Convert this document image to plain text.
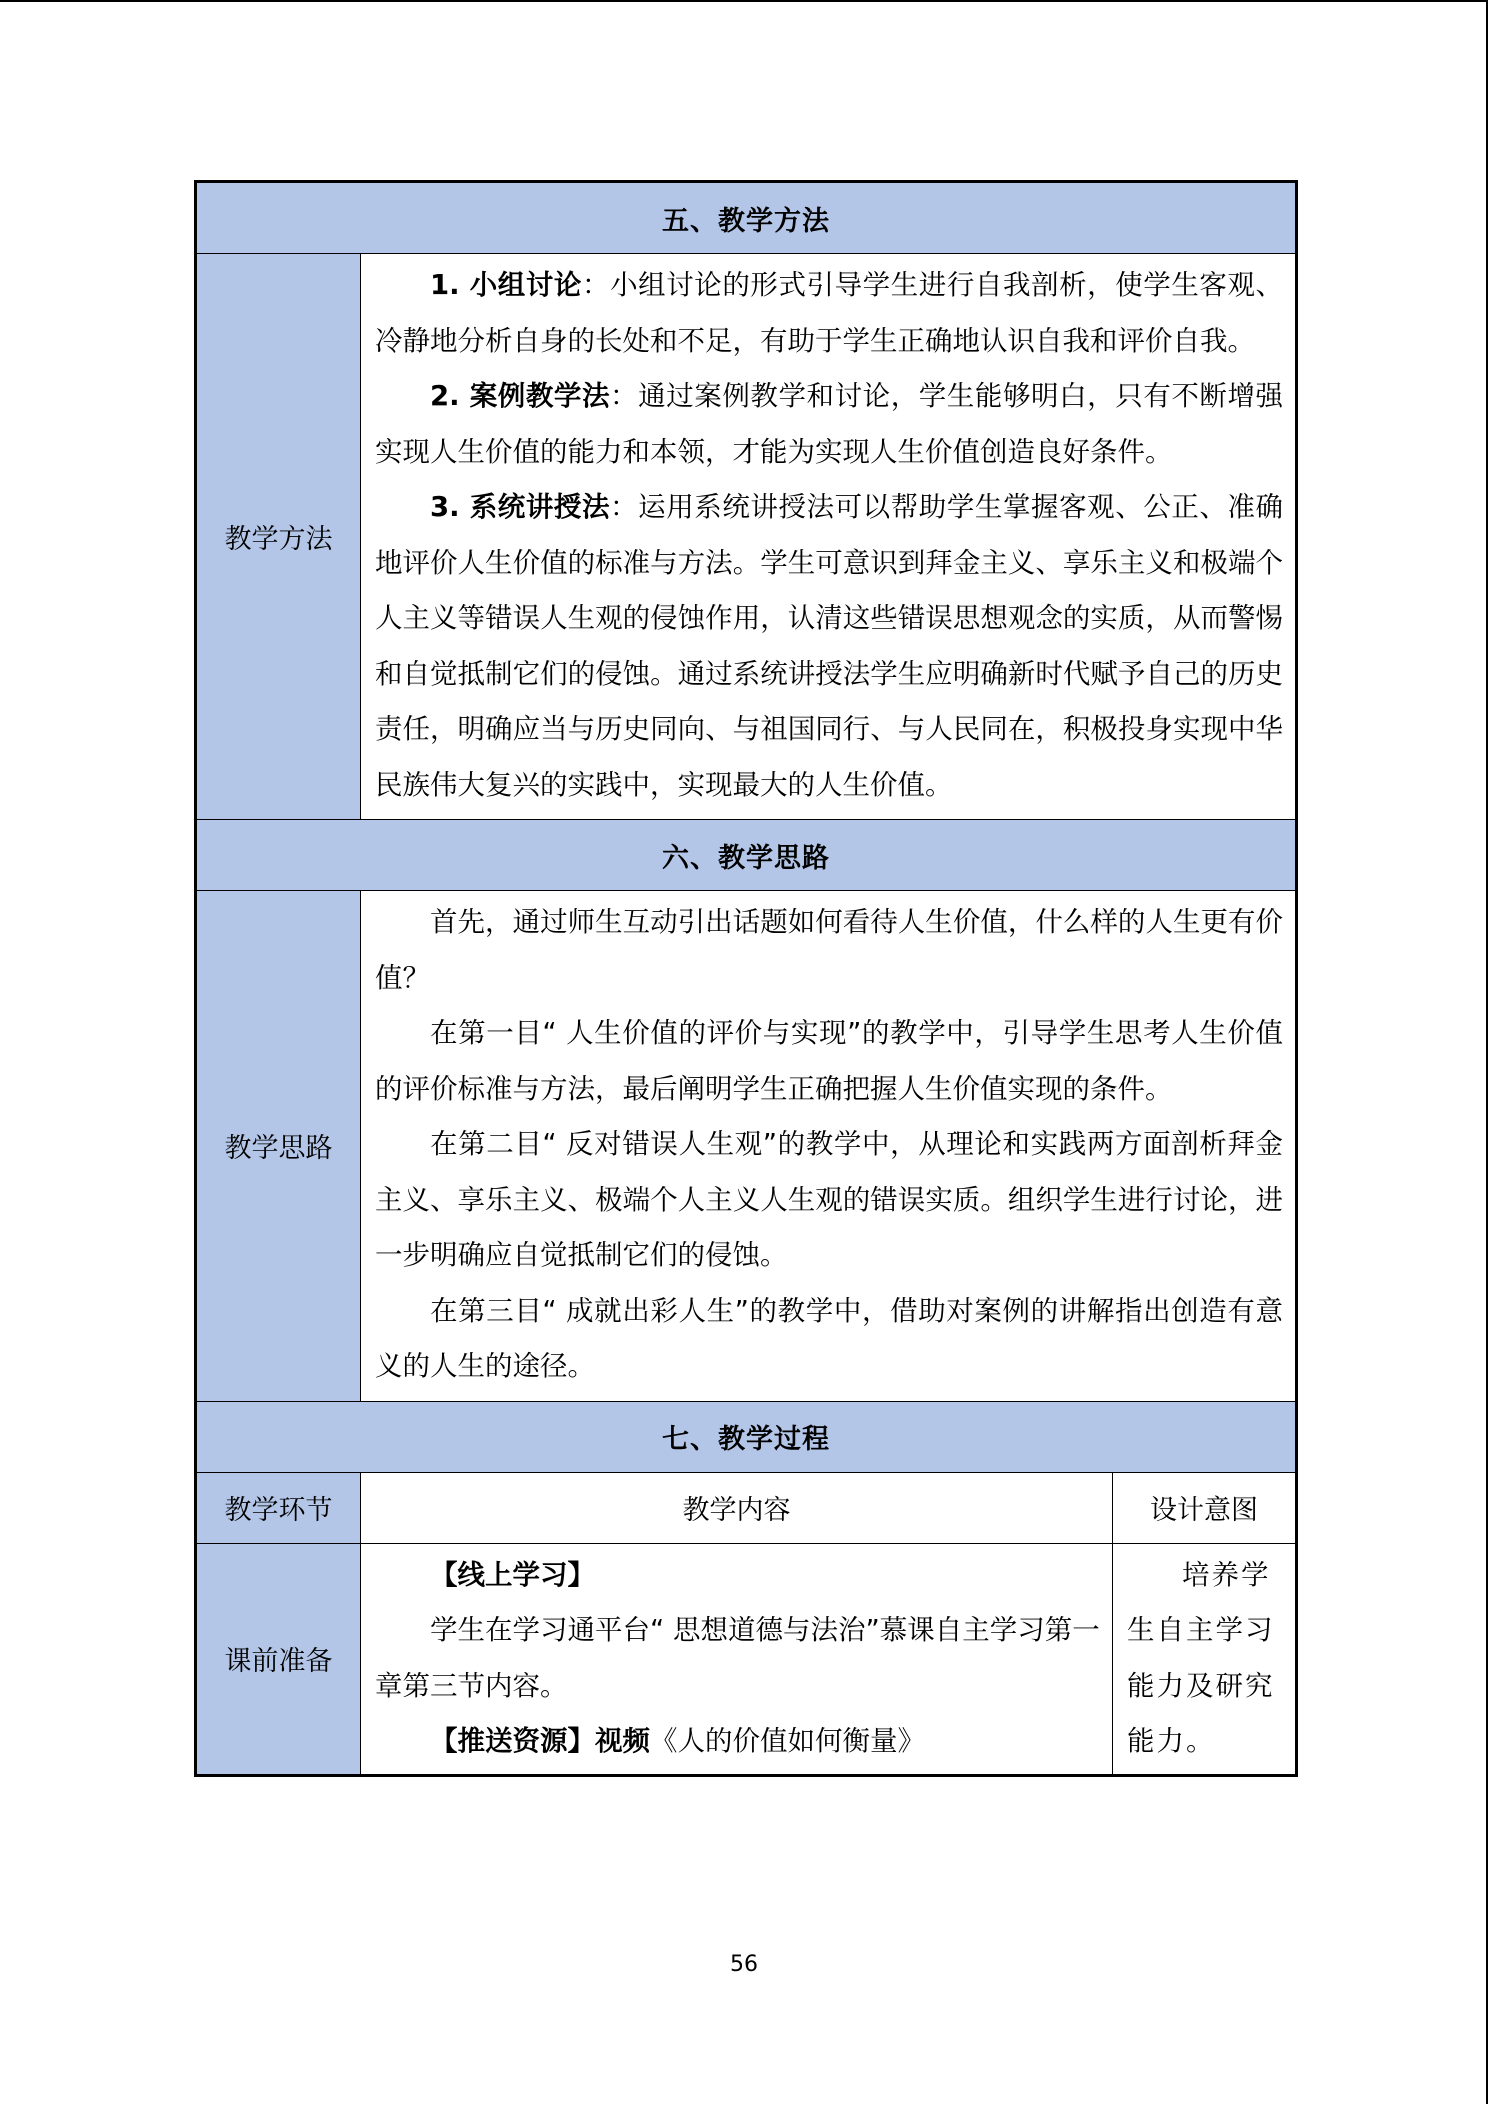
五、教学方法		
教学方法	1. 小组讨论：小组讨论的形式引导学生进行自我剖析，使学生客观、冷静地分析自身的长处和不足，有助于学生正确地认识自我和评价自我。

2. 案例教学法：通过案例教学和讨论，学生能够明白，只有不断增强实现人生价值的能力和本领，才能为实现人生价值创造良好条件。

3. 系统讲授法：运用系统讲授法可以帮助学生掌握客观、公正、准确地评价人生价值的标准与方法。学生可意识到拜金主义、享乐主义和极端个人主义等错误人生观的侵蚀作用，认清这些错误思想观念的实质，从而警惕和自觉抵制它们的侵蚀。通过系统讲授法学生应明确新时代赋予自己的历史责任，明确应当与历史同向、与祖国同行、与人民同在，积极投身实现中华民族伟大复兴的实践中，实现最大的人生价值。	

六、教学思路		
教学思路	首先，通过师生互动引出话题如何看待人生价值，什么样的人生更有价值？

在第一目“ 人生价值的评价与实现”的教学中，引导学生思考人生价值的评价标准与方法，最后阐明学生正确把握人生价值实现的条件。

在第二目“ 反对错误人生观”的教学中，从理论和实践两方面剖析拜金主义、享乐主义、极端个人主义人生观的错误实质。组织学生进行讨论，进一步明确应自觉抵制它们的侵蚀。

在第三目“ 成就出彩人生”的教学中，借助对案例的讲解指出创造有意义的人生的途径。	

七、教学过程		
教学环节	教学内容	设计意图
课前准备	【线上学习】

学生在学习通平台“ 思想道德与法治”慕课自主学习第一章第三节内容。

【推送资源】视频《人的价值如何衡量》	培养学生自主学习能力及研究能力。

56
